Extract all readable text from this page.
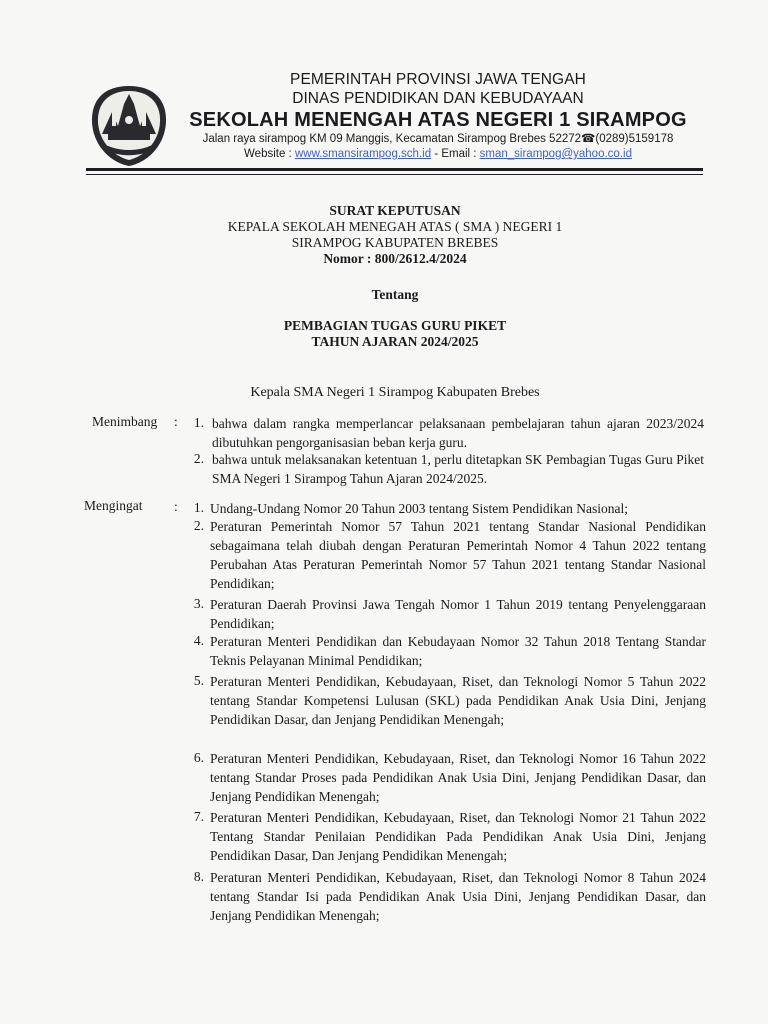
PEMERINTAH PROVINSI JAWA TENGAH
DINAS PENDIDIKAN DAN KEBUDAYAAN
SEKOLAH MENENGAH ATAS NEGERI 1 SIRAMPOG
Jalan raya sirampog KM 09 Manggis, Kecamatan Sirampog Brebes 52272☎(0289)5159178
Website : www.smansirampog.sch.id - Email : sman_sirampog@yahoo.co.id
SURAT KEPUTUSAN
KEPALA SEKOLAH MENEGAH ATAS ( SMA ) NEGERI 1
SIRAMPOG KABUPATEN BREBES
Nomor : 800/2612.4/2024
Tentang
PEMBAGIAN TUGAS GURU PIKET
TAHUN AJARAN 2024/2025
Kepala SMA Negeri 1 Sirampog Kabupaten Brebes
Menimbang :	1. bahwa dalam rangka memperlancar pelaksanaan pembelajaran tahun ajaran 2023/2024 dibutuhkan pengorganisasian beban kerja guru.
2. bahwa untuk melaksanakan ketentuan 1, perlu ditetapkan SK Pembagian Tugas Guru Piket SMA Negeri 1 Sirampog Tahun Ajaran 2024/2025.
Mengingat :	1. Undang-Undang Nomor 20 Tahun 2003 tentang Sistem Pendidikan Nasional;
2. Peraturan Pemerintah Nomor 57 Tahun 2021 tentang Standar Nasional Pendidikan sebagaimana telah diubah dengan Peraturan Pemerintah Nomor 4 Tahun 2022 tentang Perubahan Atas Peraturan Pemerintah Nomor 57 Tahun 2021 tentang Standar Nasional Pendidikan;
3. Peraturan Daerah Provinsi Jawa Tengah Nomor 1 Tahun 2019 tentang Penyelenggaraan Pendidikan;
4. Peraturan Menteri Pendidikan dan Kebudayaan Nomor 32 Tahun 2018 Tentang Standar Teknis Pelayanan Minimal Pendidikan;
5. Peraturan Menteri Pendidikan, Kebudayaan, Riset, dan Teknologi Nomor 5 Tahun 2022 tentang Standar Kompetensi Lulusan (SKL) pada Pendidikan Anak Usia Dini, Jenjang Pendidikan Dasar, dan Jenjang Pendidikan Menengah;
6. Peraturan Menteri Pendidikan, Kebudayaan, Riset, dan Teknologi Nomor 16 Tahun 2022 tentang Standar Proses pada Pendidikan Anak Usia Dini, Jenjang Pendidikan Dasar, dan Jenjang Pendidikan Menengah;
7. Peraturan Menteri Pendidikan, Kebudayaan, Riset, dan Teknologi Nomor 21 Tahun 2022 Tentang Standar Penilaian Pendidikan Pada Pendidikan Anak Usia Dini, Jenjang Pendidikan Dasar, Dan Jenjang Pendidikan Menengah;
8. Peraturan Menteri Pendidikan, Kebudayaan, Riset, dan Teknologi Nomor 8 Tahun 2024 tentang Standar Isi pada Pendidikan Anak Usia Dini, Jenjang Pendidikan Dasar, dan Jenjang Pendidikan Menengah;
